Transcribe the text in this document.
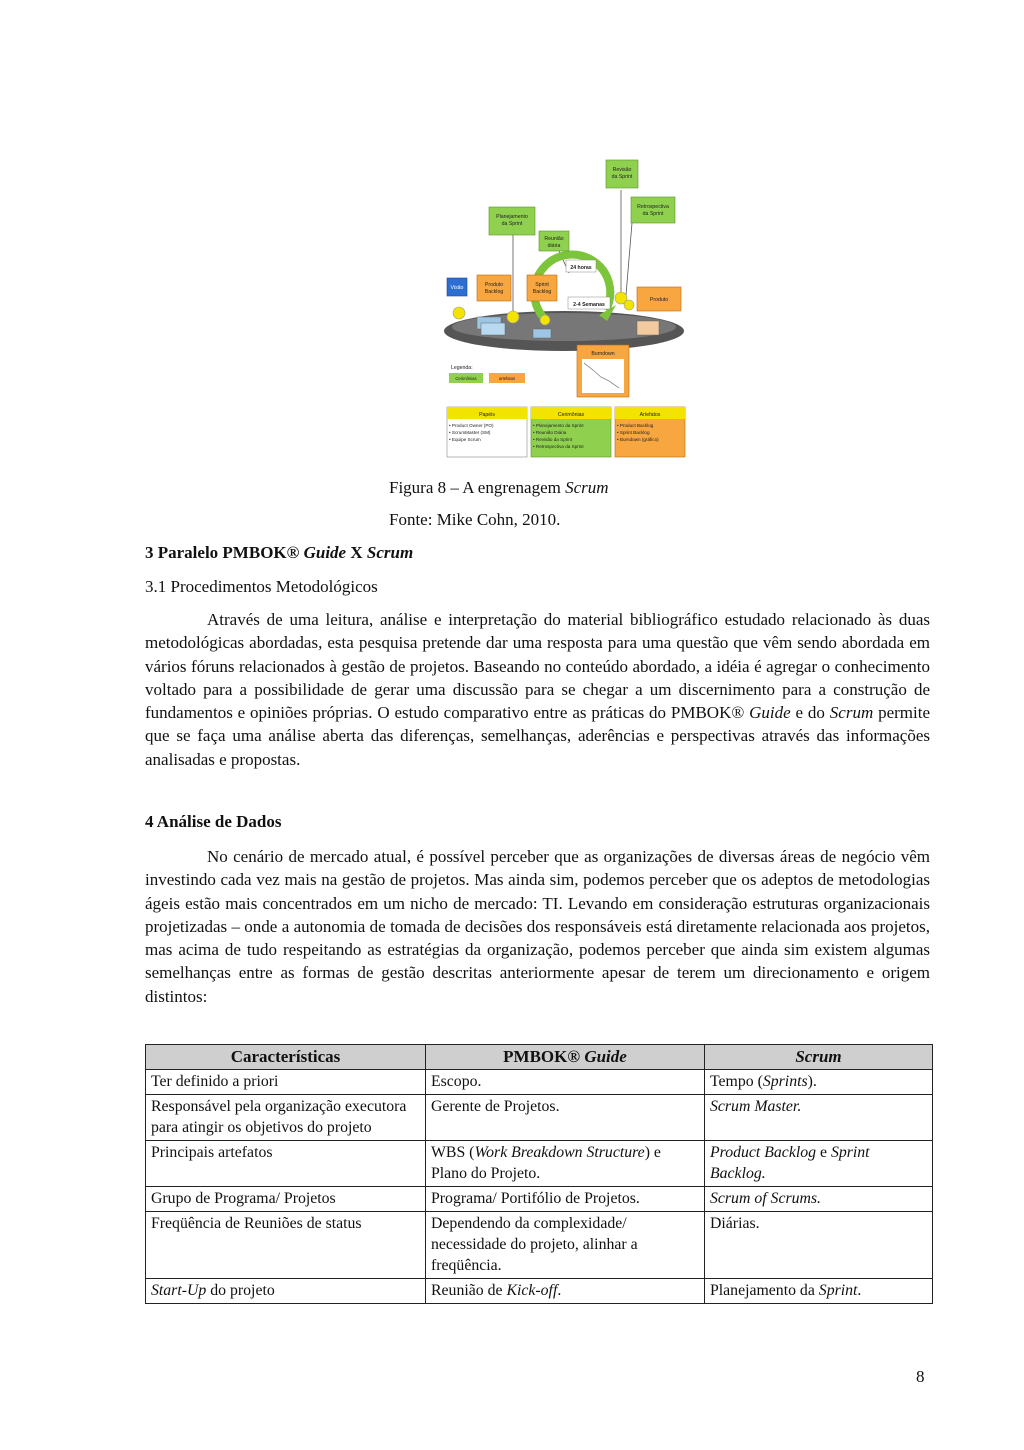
Revisão
da Sprint
Planejamento
da Sprint
Retrospectiva
da Sprint
Reunião
diária
24 horas
Visão	Produto
Backlog
Sprint
Backlog
2-4 Semanas
Produto
Burndown
Cerimônias	artefatos
Papéis	Cerimônias	Artefatos
Legenda:
• Product Owner (PO)
• ScrumMaster (SM)
• Equipe Scrum
• Planejamento da Sprint
• Reunião Diária
• Revisão da Sprint
• Retrospectiva da Sprint
• Product Backlog
• Sprint Backlog
• Burndown (gráfico)
Figura 8 – A engrenagem Scrum
Fonte: Mike Cohn, 2010.
3 Paralelo PMBOK® Guide X Scrum
3.1 Procedimentos Metodológicos

Através de uma leitura, análise e interpretação do material bibliográfico estudado relacionado às duas metodológicas abordadas, esta pesquisa pretende dar uma resposta para uma questão que vêm sendo abordada em vários fóruns relacionados à gestão de projetos. Baseando no conteúdo abordado, a idéia é agregar o conhecimento voltado para a possibilidade de gerar uma discussão para se chegar a um discernimento para a construção de fundamentos e opiniões próprias. O estudo comparativo entre as práticas do PMBOK® Guide e do Scrum permite que se faça uma análise aberta das diferenças, semelhanças, aderências e perspectivas através das informações analisadas e propostas.

4 Análise de Dados

No cenário de mercado atual, é possível perceber que as organizações de diversas áreas de negócio vêm investindo cada vez mais na gestão de projetos. Mas ainda sim, podemos perceber que os adeptos de metodologias ágeis estão mais concentrados em um nicho de mercado: TI. Levando em consideração estruturas organizacionais projetizadas – onde a autonomia de tomada de decisões dos responsáveis está diretamente relacionada aos projetos, mas acima de tudo respeitando as estratégias da organização, podemos perceber que ainda sim existem algumas semelhanças entre as formas de gestão descritas anteriormente apesar de terem um direcionamento e origem distintos:

Características	PMBOK® Guide	Scrum
Ter definido a priori	Escopo.	Tempo (Sprints).
Responsável pela organização executora para atingir os objetivos do projeto	Gerente de Projetos.	Scrum Master.
Principais artefatos	WBS (Work Breakdown Structure) e Plano do Projeto.	Product Backlog e Sprint Backlog.
Grupo de Programa/ Projetos	Programa/ Portifólio de Projetos.	Scrum of Scrums.
Freqüência de Reuniões de status	Dependendo da complexidade/ necessidade do projeto, alinhar a freqüência.	Diárias.
Start-Up do projeto	Reunião de Kick-off.	Planejamento da Sprint.
8
